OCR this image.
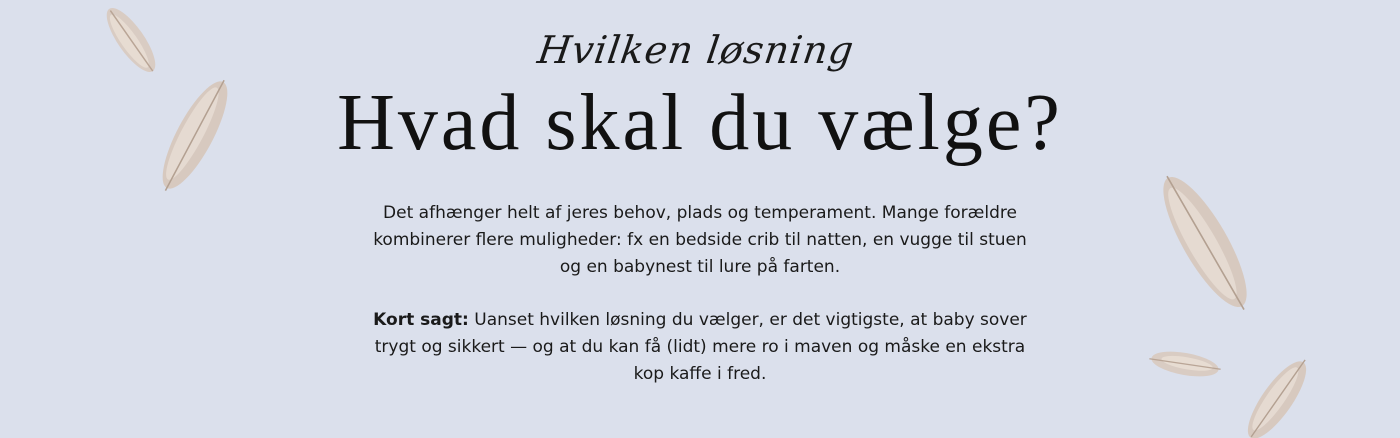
Hvilken løsning
Hvad skal du vælge?

Det afhænger helt af jeres behov, plads og temperament. Mange forældre kombinerer flere muligheder: fx en bedside crib til natten, en vugge til stuen og en babynest til lure på farten.

Kort sagt: Uanset hvilken løsning du vælger, er det vigtigste, at baby sover trygt og sikkert — og at du kan få (lidt) mere ro i maven og måske en ekstra kop kaffe i fred.
